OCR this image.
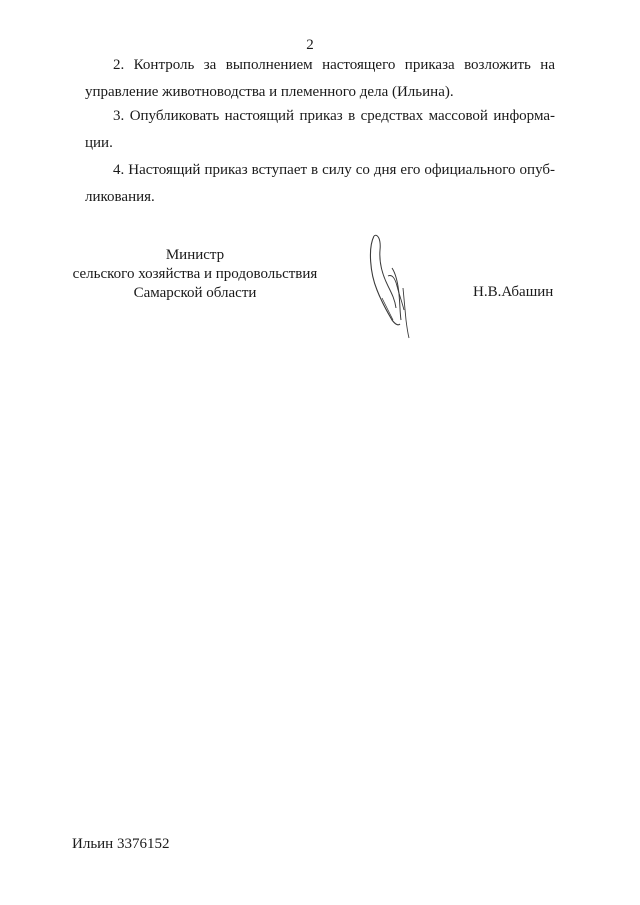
2
2. Контроль за выполнением настоящего приказа возложить на
управление животноводства и племенного дела (Ильина).
3. Опубликовать настоящий приказ в средствах массовой информа-
ции.
4. Настоящий приказ вступает в силу со дня его официального опуб-
ликования.
Министр
сельского хозяйства и продовольствия
Самарской области	Н.В.Абашин
Ильин 3376152
